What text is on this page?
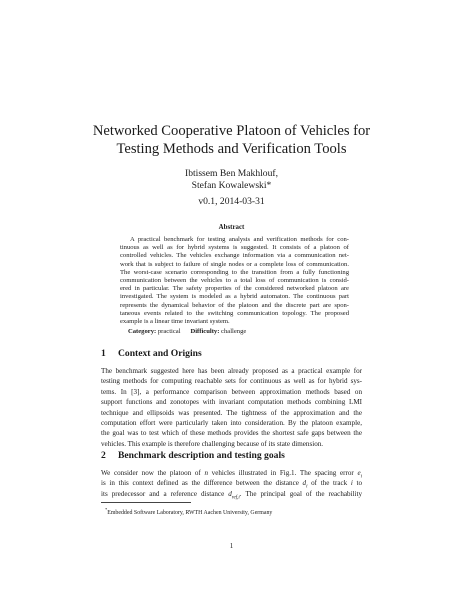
Networked Cooperative Platoon of Vehicles for
Testing Methods and Verification Tools
Ibtissem Ben Makhlouf,
Stefan Kowalewski*
v0.1, 2014-03-31
Abstract
A practical benchmark for testing analysis and verification methods for con-
tinuous as well as for hybrid systems is suggested. It consists of a platoon of
controlled vehicles. The vehicles exchange information via a communication net-
work that is subject to failure of single nodes or a complete loss of communication.
The worst-case scenario corresponding to the transition from a fully functioning
communication between the vehicles to a total loss of communication is consid-
ered in particular. The safety properties of the considered networked platoon are
investigated. The system is modeled as a hybrid automaton. The continuous part
represents the dynamical behavior of the platoon and the discrete part are spon-
taneous events related to the switching communication topology. The proposed
example is a linear time invariant system.
Category: practical Difficulty: challenge
1 Context and Origins
The benchmark suggested here has been already proposed as a practical example for
testing methods for computing reachable sets for continuous as well as for hybrid sys-
tems. In [3], a performance comparison between approximation methods based on
support functions and zonotopes with invariant computation methods combining LMI
technique and ellipsoids was presented. The tightness of the approximation and the
computation effort were particularly taken into consideration. By the platoon example,
the goal was to test which of these methods provides the shortest safe gaps between the
vehicles. This example is therefore challenging because of its state dimension.
2 Benchmark description and testing goals
We consider now the platoon of n vehicles illustrated in Fig.1. The spacing error $e_i$
is in this context defined as the difference between the distance $d_i$ of the track i to
its predecessor and a reference distance $d_{ref,i}$. The principal goal of the reachability
*Embedded Software Laboratory, RWTH Aachen University, Germany
1
